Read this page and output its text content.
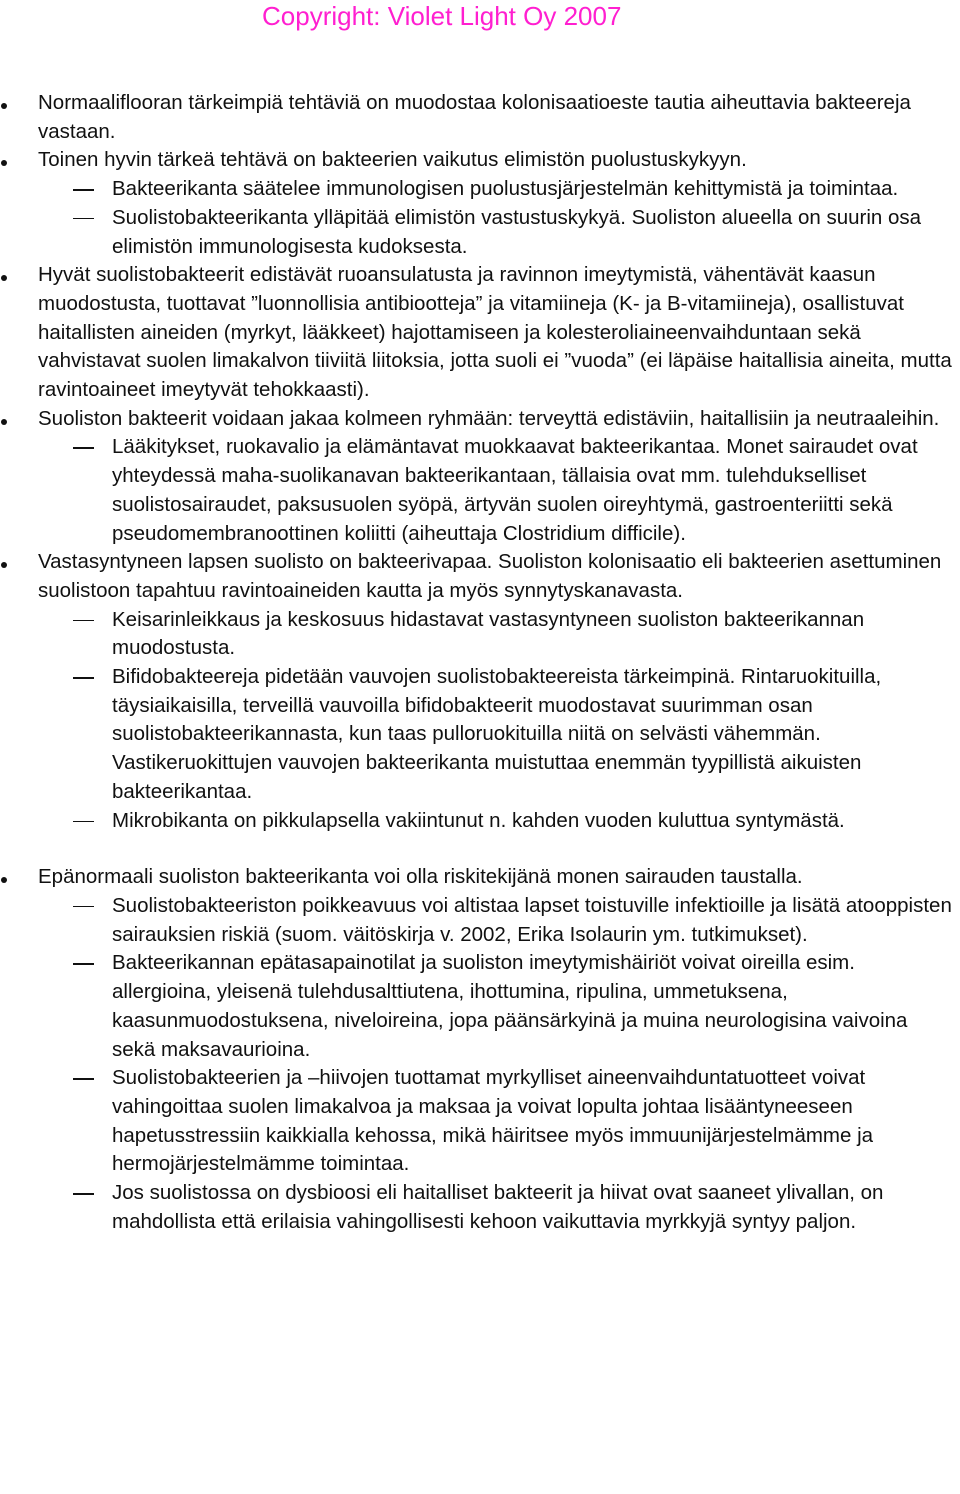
Copyright: Violet Light Oy 2007
Normaaliflooran tärkeimpiä tehtäviä on muodostaa kolonisaatioeste tautia aiheuttavia bakteereja vastaan.
Toinen hyvin tärkeä tehtävä on bakteerien vaikutus elimistön puolustuskykyyn.
Bakteerikanta säätelee immunologisen puolustusjärjestelmän kehittymistä ja toimintaa.
Suolistobakteerikanta ylläpitää elimistön vastustuskykyä. Suoliston alueella on suurin osa elimistön immunologisesta kudoksesta.
Hyvät suolistobakteerit edistävät ruoansulatusta ja ravinnon imeytymistä, vähentävät kaasun muodostusta, tuottavat ”luonnollisia antibiootteja” ja vitamiineja (K- ja B-vitamiineja), osallistuvat haitallisten aineiden (myrkyt, lääkkeet) hajottamiseen ja kolesteroliaineenvaihduntaan sekä vahvistavat suolen limakalvon tiiviitä liitoksia, jotta suoli ei ”vuoda” (ei läpäise haitallisia aineita, mutta ravintoaineet imeytyvät tehokkaasti).
Suoliston bakteerit voidaan jakaa kolmeen ryhmään: terveyttä edistäviin, haitallisiin ja neutraaleihin.
Lääkitykset, ruokavalio ja elämäntavat muokkaavat bakteerikantaa. Monet sairaudet ovat yhteydessä maha-suolikanavan bakteerikantaan, tällaisia ovat mm. tulehdukselliset suolistosairaudet, paksusuolen syöpä, ärtyvän suolen oireyhtymä, gastroenteriitti sekä pseudomembranoottinen koliitti (aiheuttaja Clostridium difficile).
Vastasyntyneen lapsen suolisto on bakteerivapaa. Suoliston kolonisaatio eli bakteerien asettuminen suolistoon tapahtuu ravintoaineiden kautta ja myös synnytyskanavasta.
Keisarinleikkaus ja keskosuus hidastavat vastasyntyneen suoliston bakteerikannan muodostusta.
Bifidobakteereja pidetään vauvojen suolistobakteereista tärkeimpinä. Rintaruokituilla, täysiaikaisilla, terveillä vauvoilla bifidobakteerit muodostavat suurimman osan suolistobakteerikannasta, kun taas pulloruokituilla niitä on selvästi vähemmän. Vastikeruokittujen vauvojen bakteerikanta muistuttaa enemmän tyypillistä aikuisten bakteerikantaa.
Mikrobikanta on pikkulapsella vakiintunut n. kahden vuoden kuluttua syntymästä.
Epänormaali suoliston bakteerikanta voi olla riskitekijänä monen sairauden taustalla.
Suolistobakteeriston poikkeavuus voi altistaa lapset toistuville infektioille ja lisätä atooppisten sairauksien riskiä (suom. väitöskirja v. 2002, Erika Isolaurin ym. tutkimukset).
Bakteerikannan epätasapainotilat ja suoliston imeytymishäiriöt voivat oireilla esim. allergioina, yleisenä tulehdusalttiutena, ihottumina, ripulina, ummetuksena, kaasunmuodostuksena, niveloireina, jopa päänsärkyinä ja muina neurologisina vaivoina sekä maksavaurioina.
Suolistobakteerien ja –hiivojen tuottamat myrkylliset aineenvaihduntatuotteet voivat vahingoittaa suolen limakalvoa ja maksaa ja voivat lopulta johtaa lisääntyneeseen hapetusstressiin kaikkialla kehossa, mikä häiritsee myös immuunijärjestelmämme ja hermojärjestelmämme toimintaa.
Jos suolistossa on dysbioosi eli haitalliset bakteerit ja hiivat ovat saaneet ylivallan, on mahdollista että erilaisia vahingollisesti kehoon vaikuttavia myrkkyjä syntyy paljon.
